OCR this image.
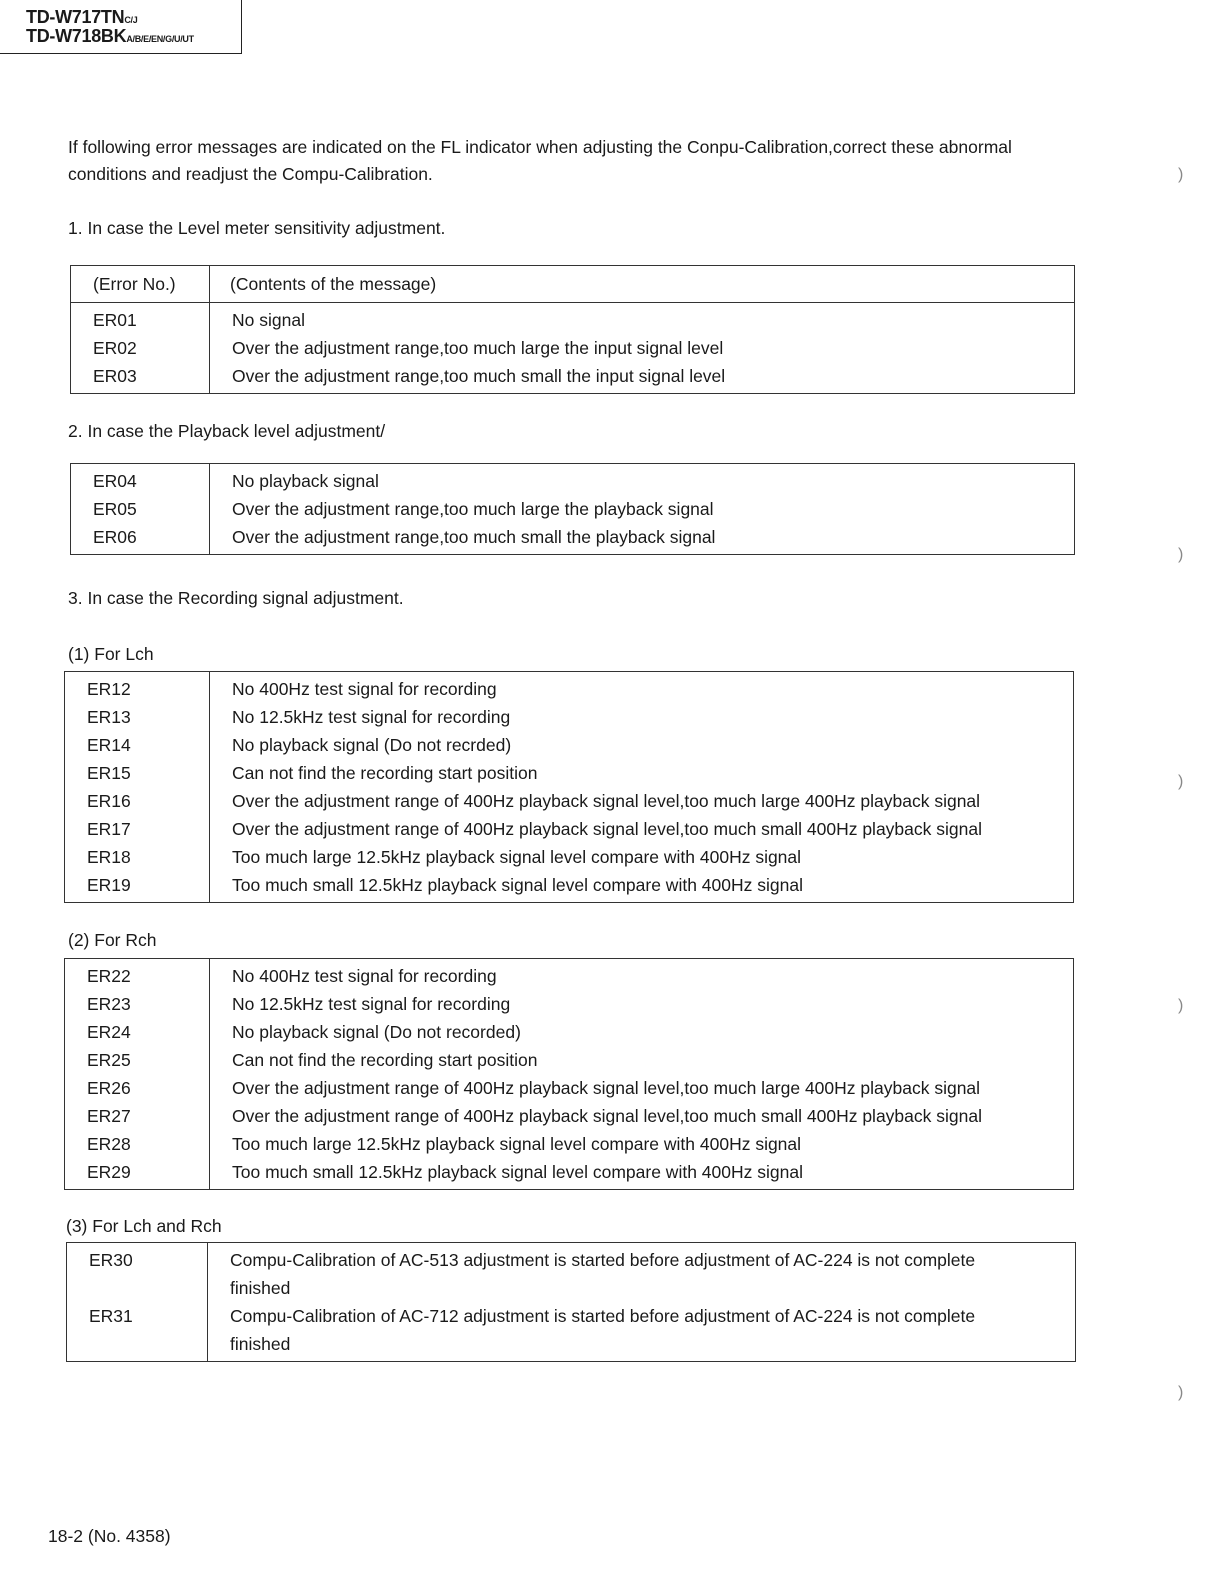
TD-W717TNC/J
TD-W718BKA/B/E/EN/G/U/UT
If following error messages are indicated on the FL indicator when adjusting the Conpu-Calibration,correct these abnormal conditions and readjust the Compu-Calibration.
1. In case the Level meter sensitivity adjustment.
(Error No.)	(Contents of the message)
ER01	No signal
ER02	Over the adjustment range,too much large the input signal level
ER03	Over the adjustment range,too much small the input signal level
2. In case the Playback level adjustment/
ER04	No playback signal
ER05	Over the adjustment range,too much large the playback signal
ER06	Over the adjustment range,too much small the playback signal
3. In case the Recording signal adjustment.
(1) For Lch
ER12	No 400Hz test signal for recording
ER13	No 12.5kHz test signal for recording
ER14	No playback signal (Do not recrded)
ER15	Can not find the recording start position
ER16	Over the adjustment range of 400Hz playback signal level,too much large 400Hz playback signal
ER17	Over the adjustment range of 400Hz playback signal level,too much small 400Hz playback signal
ER18	Too much large 12.5kHz playback signal level compare with 400Hz signal
ER19	Too much small 12.5kHz playback signal level compare with 400Hz signal
(2) For Rch
ER22	No 400Hz test signal for recording
ER23	No 12.5kHz test signal for recording
ER24	No playback signal (Do not recorded)
ER25	Can not find the recording start position
ER26	Over the adjustment range of 400Hz playback signal level,too much large 400Hz playback signal
ER27	Over the adjustment range of 400Hz playback signal level,too much small 400Hz playback signal
ER28	Too much large 12.5kHz playback signal level compare with 400Hz signal
ER29	Too much small 12.5kHz playback signal level compare with 400Hz signal
(3) For Lch and Rch
ER30	Compu-Calibration of AC-513 adjustment is started before adjustment of AC-224 is not complete
finished

ER31	Compu-Calibration of AC-712 adjustment is started before adjustment of AC-224 is not complete
finished
)
)
)
)
)
18-2 (No. 4358)
